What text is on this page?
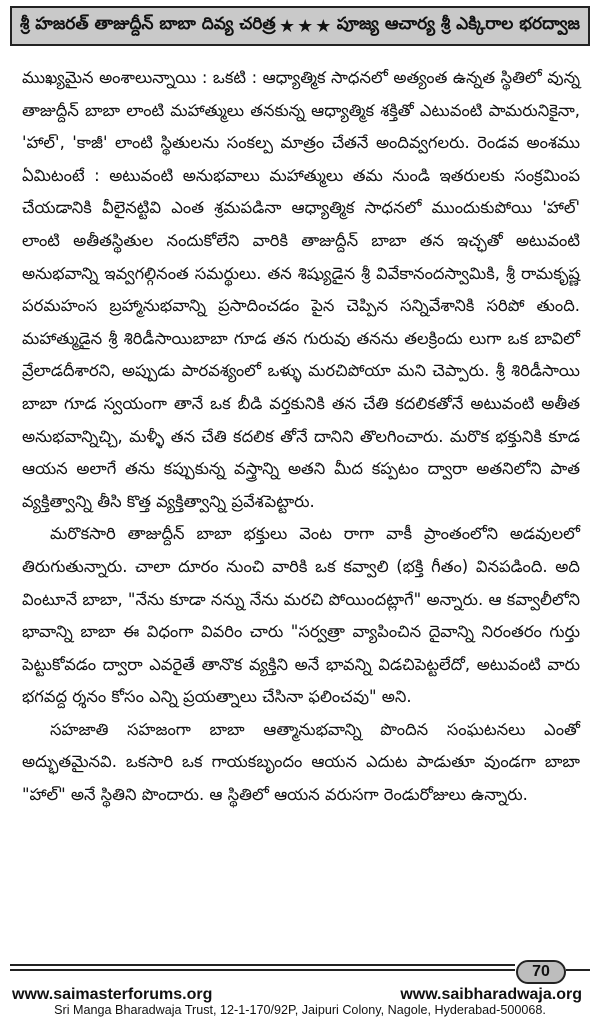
శ్రీ హజరత్ తాజుద్దీన్ బాబా దివ్య చరిత్ర ★★★ పూజ్య ఆచార్య శ్రీ ఎక్కిరాల భరద్వాజ

ముఖ్యమైన అంశాలున్నాయి : ఒకటి : ఆధ్యాత్మిక సాధనలో అత్యంత ఉన్నత స్థితిలో వున్న తాజుద్దీన్ బాబా లాంటి మహాత్ములు తనకున్న ఆధ్యాత్మిక శక్తితో ఎటువంటి పామరునికైనా, 'హాల్', 'కాజీ' లాంటి స్థితులను సంకల్ప మాత్రం చేతనే అందివ్వగలరు. రెండవ అంశము ఏమిటంటే : అటువంటి అనుభవాలు మహాత్ములు తమ నుండి ఇతరులకు సంక్రమింప చేయడానికి వీలైనట్టివి ఎంత శ్రమపడినా ఆధ్యాత్మిక సాధనలో ముందుకుపోయి 'హాల్' లాంటి అతీతస్థితుల నందుకోలేని వారికి తాజుద్దీన్ బాబా తన ఇచ్ఛతో అటువంటి అనుభవాన్ని ఇవ్వగల్గినంత సమర్థులు. తన శిష్యుడైన శ్రీ వివేకానందస్వామికి, శ్రీ రామకృష్ణ పరమహంస బ్రహ్మానుభవాన్ని ప్రసాదించడం పైన చెప్పిన సన్నివేశానికి సరిపో తుంది. మహాత్ముడైన శ్రీ శిరిడీసాయిబాబా గూడ తన గురువు తనను తలక్రిందు లుగా ఒక బావిలో వ్రేలాడదీశారని, అప్పుడు పారవశ్యంలో ఒళ్ళు మరచిపోయా మని చెప్పారు. శ్రీ శిరిడీసాయి బాబా గూడ స్వయంగా తానే ఒక బీడి వర్తకునికి తన చేతి కదలికతోనే అటువంటి అతీత అనుభవాన్నిచ్చి, మళ్ళీ తన చేతి కదలిక తోనే దానిని తొలగించారు. మరొక భక్తునికి కూడ ఆయన అలాగే తను కప్పుకున్న వస్త్రాన్ని అతని మీద కప్పటం ద్వారా అతనిలోని పాత వ్యక్తిత్వాన్ని తీసి కొత్త వ్యక్తిత్వాన్ని ప్రవేశపెట్టారు.

మరొకసారి తాజుద్దీన్ బాబా భక్తులు వెంట రాగా వాకీ ప్రాంతంలోని అడవులలో తిరుగుతున్నారు. చాలా దూరం నుంచి వారికి ఒక కవ్వాలి (భక్తి గీతం) వినపడింది. అది వింటూనే బాబా, "నేను కూడా నన్ను నేను మరచి పోయిందట్లాగే" అన్నారు. ఆ కవ్వాలీలోని భావాన్ని బాబా ఈ విధంగా వివరిం చారు "సర్వత్రా వ్యాపించిన దైవాన్ని నిరంతరం గుర్తు పెట్టుకోవడం ద్వారా ఎవరైతే తానొక వ్యక్తిని అనే భావన్ని విడచిపెట్టలేదో, అటువంటి వారు భగవద్ద ర్శనం కోసం ఎన్ని ప్రయత్నాలు చేసినా ఫలించవు" అని.

సహజాతి సహజంగా బాబా ఆత్మానుభవాన్ని పొందిన సంఘటనలు ఎంతో అద్భుతమైనవి. ఒకసారి ఒక గాయకబృందం ఆయన ఎదుట పాడుతూ వుండగా బాబా "హాల్" అనే స్థితిని పొందారు. ఆ స్థితిలో ఆయన వరుసగా రెండురోజులు ఉన్నారు.

70
www.saimasterforums.org	www.saibharadwaja.org
Sri Manga Bharadwaja Trust, 12-1-170/92P, Jaipuri Colony, Nagole, Hyderabad-500068.
